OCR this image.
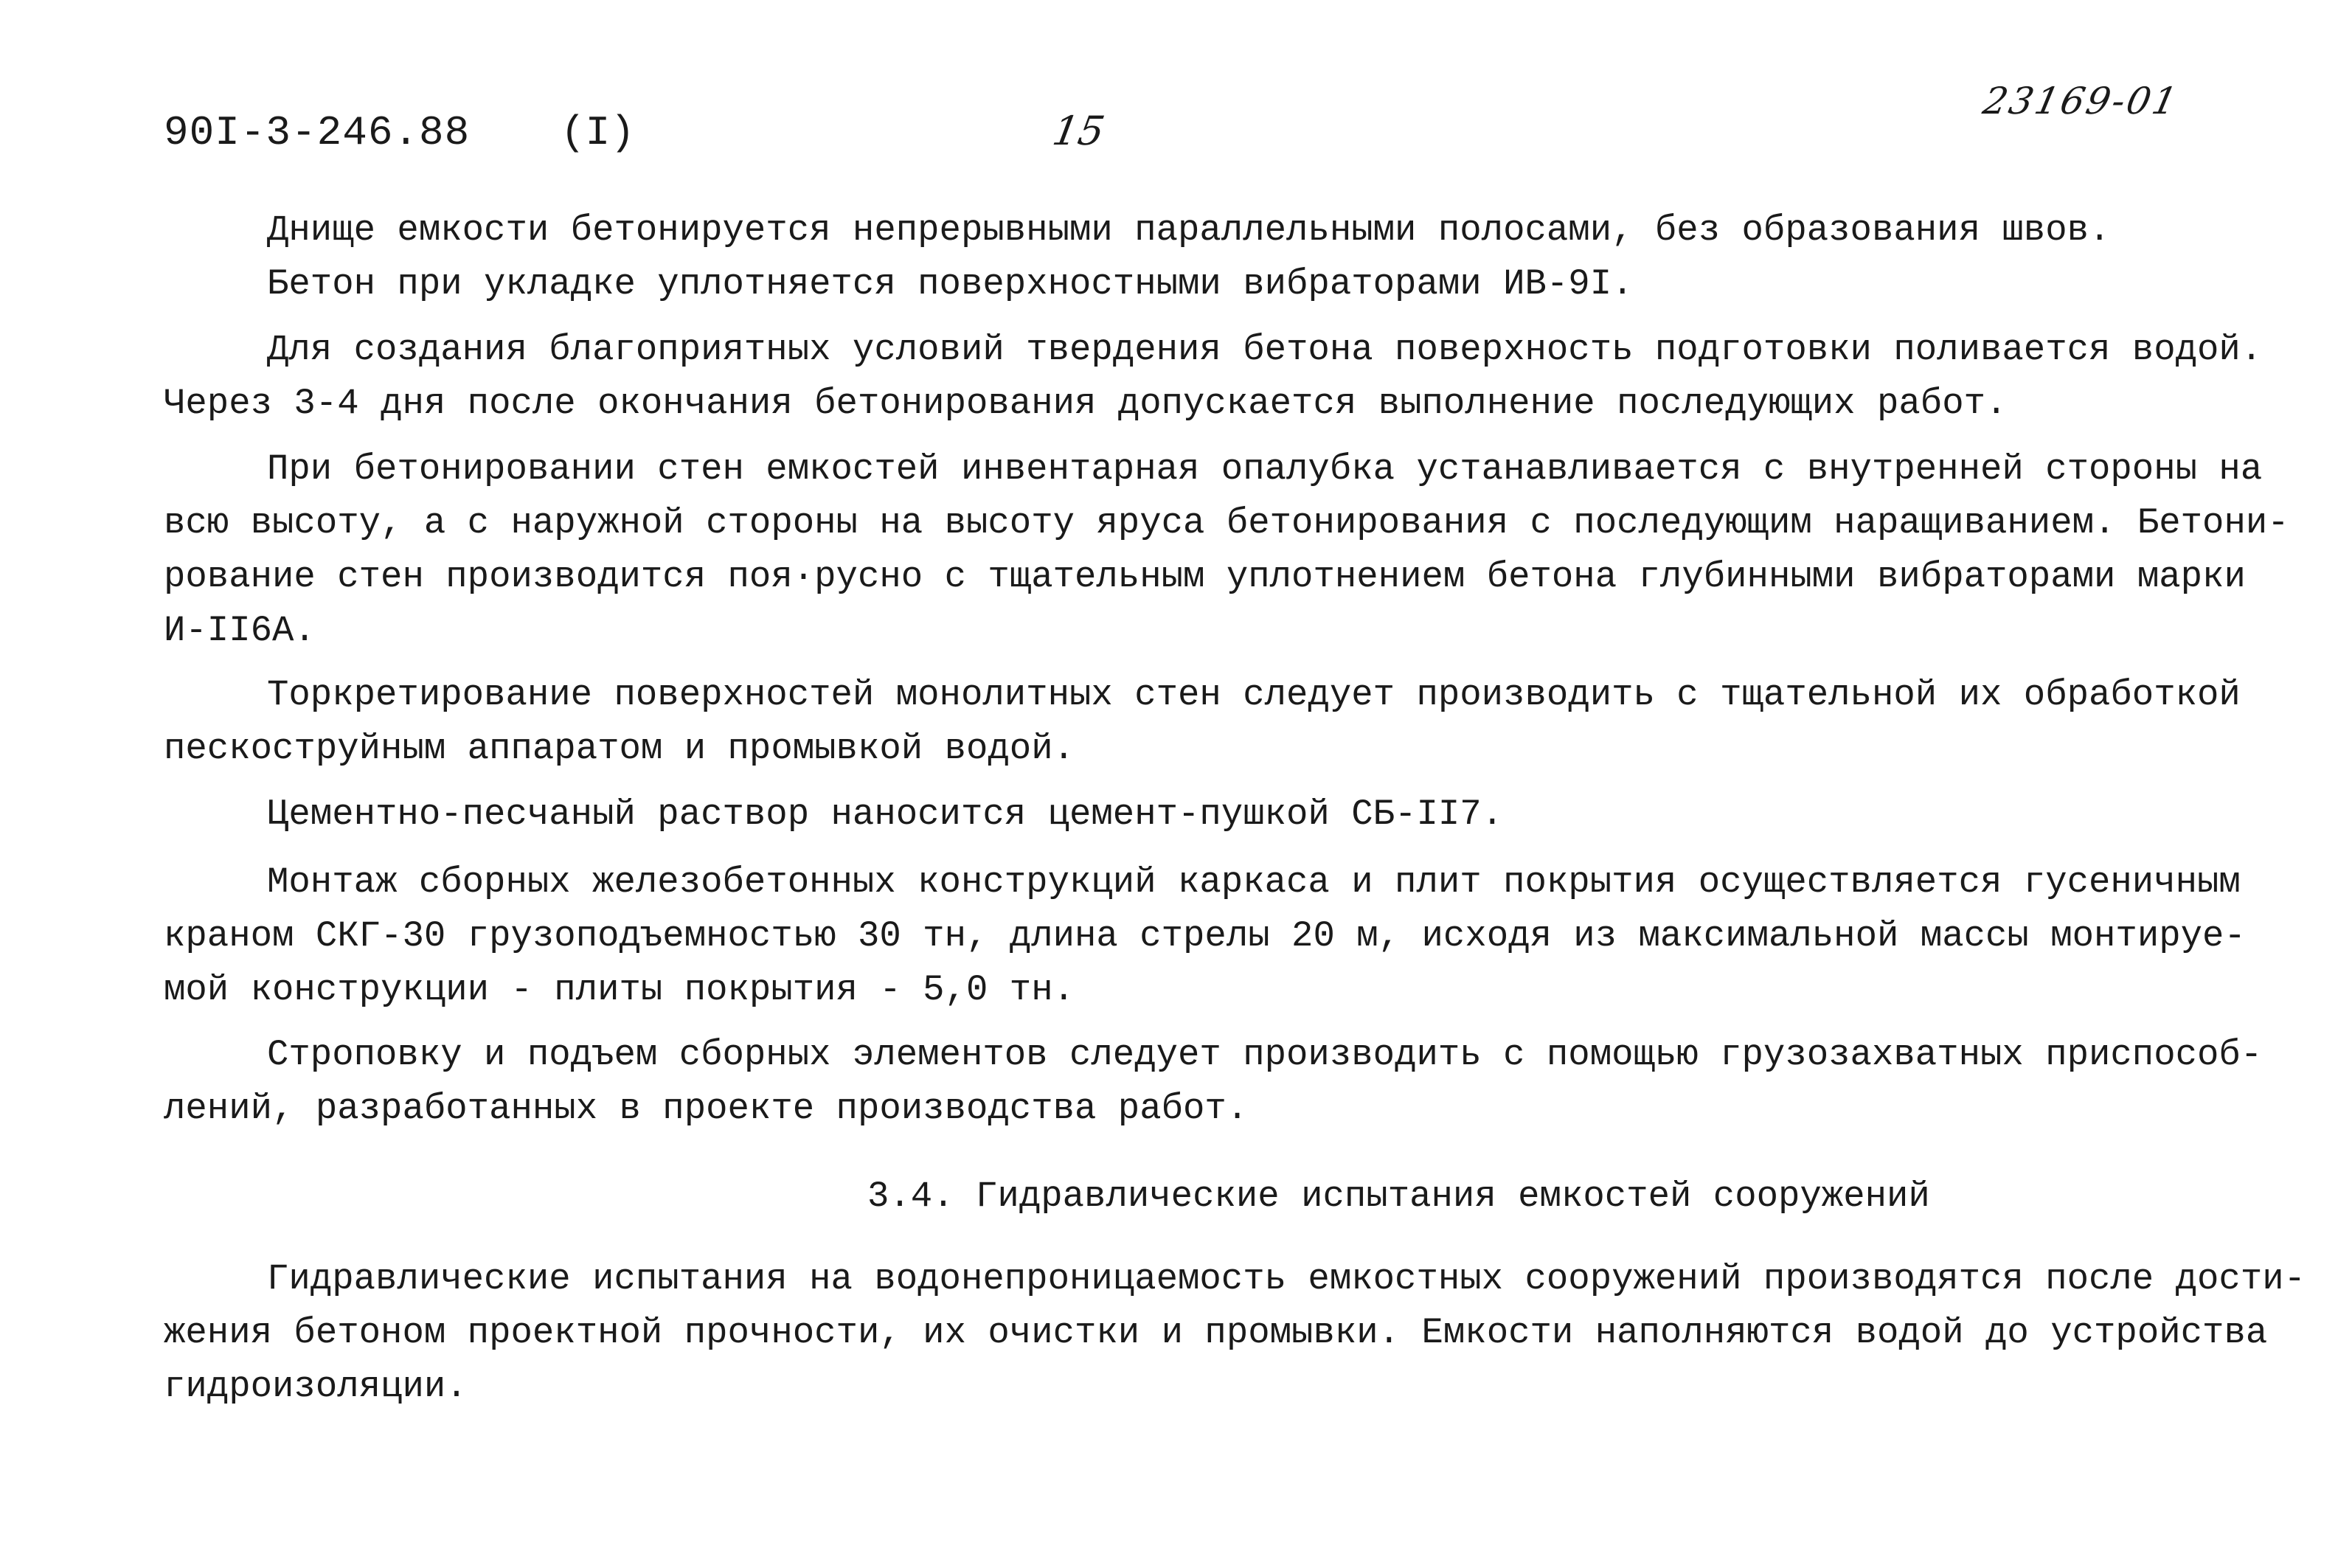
90I-3-246.88 (I)	15
23169-01
Днище емкости бетонируется непрерывными параллельными полосами, без образования швов.
Бетон при укладке уплотняется поверхностными вибраторами ИВ-9I.
Для создания благоприятных условий твердения бетона поверхность подготовки поливается водой.
Через 3-4 дня после окончания бетонирования допускается выполнение последующих работ.
При бетонировании стен емкостей инвентарная опалубка устанавливается с внутренней стороны на
всю высоту, а с наружной стороны на высоту яруса бетонирования с последующим наращиванием. Бетони-
рование стен производится поя·русно с тщательным уплотнением бетона глубинными вибраторами марки
И-II6А.
Торкретирование поверхностей монолитных стен следует производить с тщательной их обработкой
пескоструйным аппаратом и промывкой водой.
Цементно-песчаный раствор наносится цемент-пушкой СБ-II7.
Монтаж сборных железобетонных конструкций каркаса и плит покрытия осуществляется гусеничным
краном СКГ-30 грузоподъемностью 30 тн, длина стрелы 20 м, исходя из максимальной массы монтируе-
мой конструкции - плиты покрытия - 5,0 тн.
Строповку и подъем сборных элементов следует производить с помощью грузозахватных приспособ-
лений, разработанных в проекте производства работ.
3.4. Гидравлические испытания емкостей сооружений
Гидравлические испытания на водонепроницаемость емкостных сооружений производятся после дости-
жения бетоном проектной прочности, их очистки и промывки. Емкости наполняются водой до устройства
гидроизоляции.
